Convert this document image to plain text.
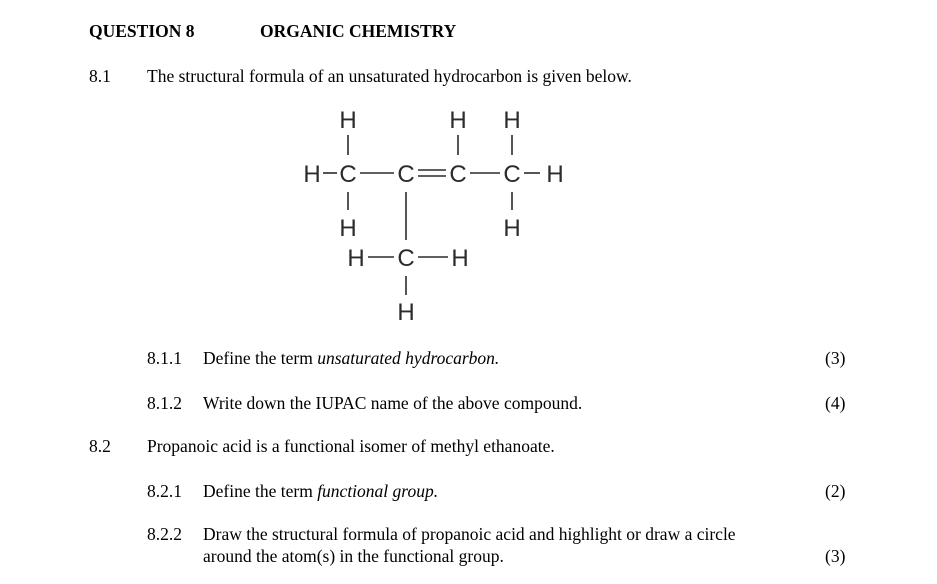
QUESTION 8	ORGANIC CHEMISTRY
8.1 The structural formula of an unsaturated hydrocarbon is given below.
H	H H
H C C C C H
H	H
H C H
H
8.1.1 Define the term unsaturated hydrocarbon.	(3)
8.1.2 Write down the IUPAC name of the above compound.	(4)
8.2 Propanoic acid is a functional isomer of methyl ethanoate.
8.2.1 Define the term functional group.	(2)
8.2.2 Draw the structural formula of propanoic acid and highlight or draw a circle
around the atom(s) in the functional group.	(3)
